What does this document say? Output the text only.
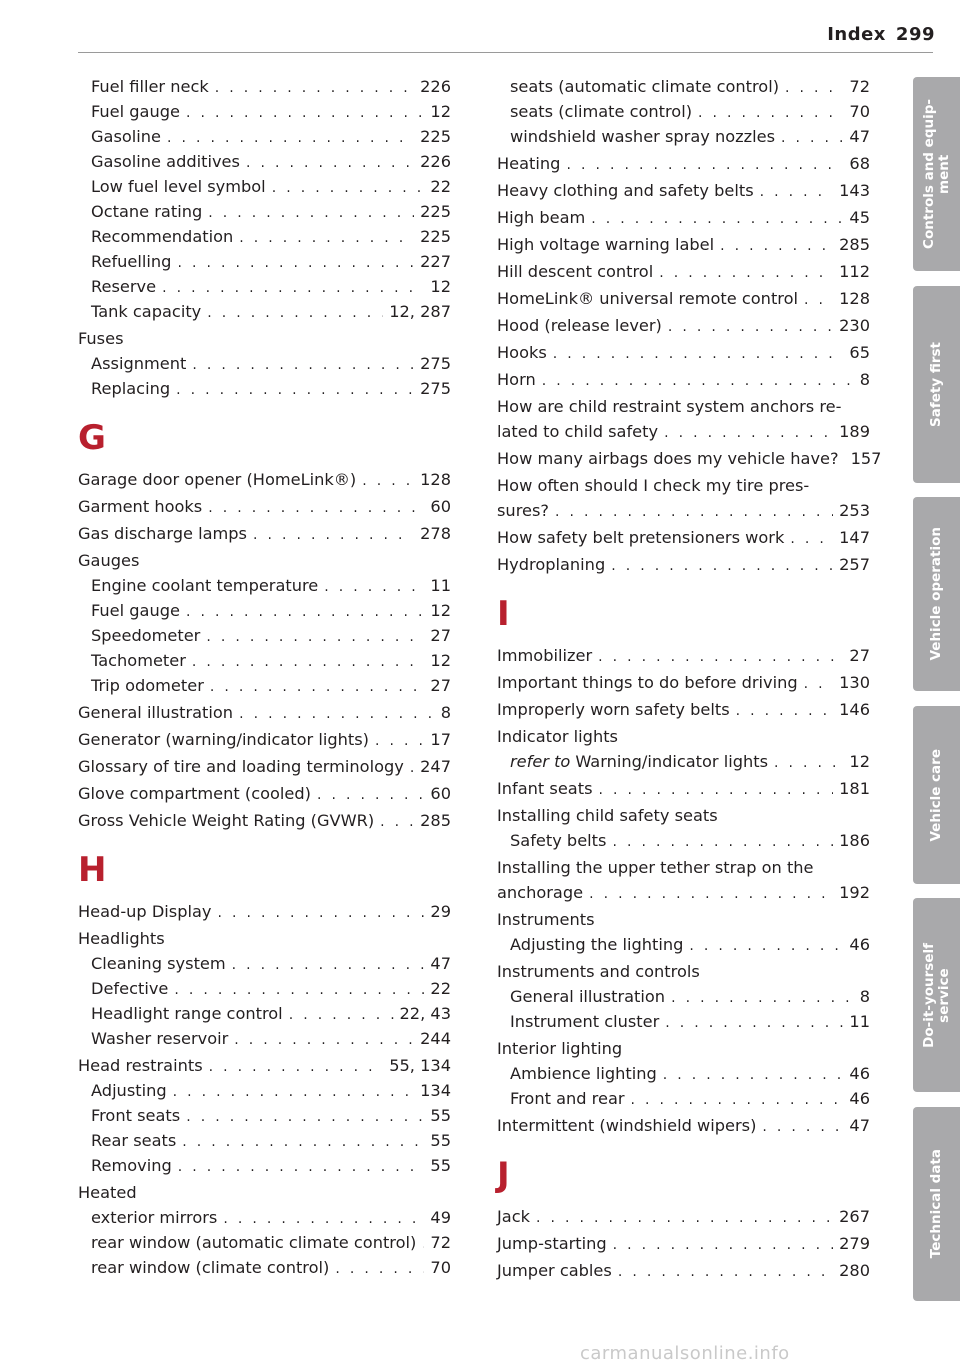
Index 299
Fuel filler neck . . .	226
Fuel gauge . . .	12
Gasoline . . .	225
Gasoline additives . . .	226
Low fuel level symbol . . .	22
Octane rating . . .	225
Recommendation . . .	225
Refuelling . . .	227
Reserve . . .	12
Tank capacity . . .	12, 287
Fuses
Assignment . . .	275
Replacing . . .	275
G
Garage door opener (HomeLink®) . . .	128
Garment hooks . . .	60
Gas discharge lamps . . .	278
Gauges
Engine coolant temperature . . .	11
Fuel gauge . . .	12
Speedometer . . .	27
Tachometer . . .	12
Trip odometer . . .	27
General illustration . . .	8
Generator (warning/indicator lights) . . .	17
Glossary of tire and loading terminology . . . 247
Glove compartment (cooled) . . .	60
Gross Vehicle Weight Rating (GVWR) . . .	285
H
Head-up Display . . .	29
Headlights
Cleaning system . . .	47
Defective . . .	22
Headlight range control . . .	22, 43
Washer reservoir . . .	244
Head restraints . . .	55, 134
Adjusting . . .	134
Front seats . . .	55
Rear seats . . .	55
Removing . . .	55
Heated
exterior mirrors . . .	49
rear window (automatic climate control) . . . 72
rear window (climate control) . . .	70
seats (automatic climate control) . . .	72
seats (climate control) . . .	70
windshield washer spray nozzles . . .	47
Heating . . .	68
Heavy clothing and safety belts . . .	143
High beam . . .	45
High voltage warning label . . .	285
Hill descent control . . .	112
HomeLink® universal remote control . . .	128
Hood (release lever) . . .	230
Hooks . . .	65
Horn . . .	8
How are child restraint system anchors re-
lated to child safety . . .	189
How many airbags does my vehicle have? 157
How often should I check my tire pres-
sures? . . .	253
How safety belt pretensioners work . . .	147
Hydroplaning . . .	257
I
Immobilizer . . .	27
Important things to do before driving . . .	130
Improperly worn safety belts . . .	146
Indicator lights
refer to Warning/indicator lights . . .	12
Infant seats . . .	181
Installing child safety seats
Safety belts . . .	186
Installing the upper tether strap on the
anchorage . . .	192
Instruments
Adjusting the lighting . . .	46
Instruments and controls
General illustration . . .	8
Instrument cluster . . .	11
Interior lighting
Ambience lighting . . .	46
Front and rear . . .	46
Intermittent (windshield wipers) . . .	47
J
Jack . . .	267
Jump-starting . . .	279
Jumper cables . . .	280
Controls and equip-
ment
Safety first
Vehicle operation
Vehicle care
Do-it-yourself
service
Technical data
carmanualsonline.info
